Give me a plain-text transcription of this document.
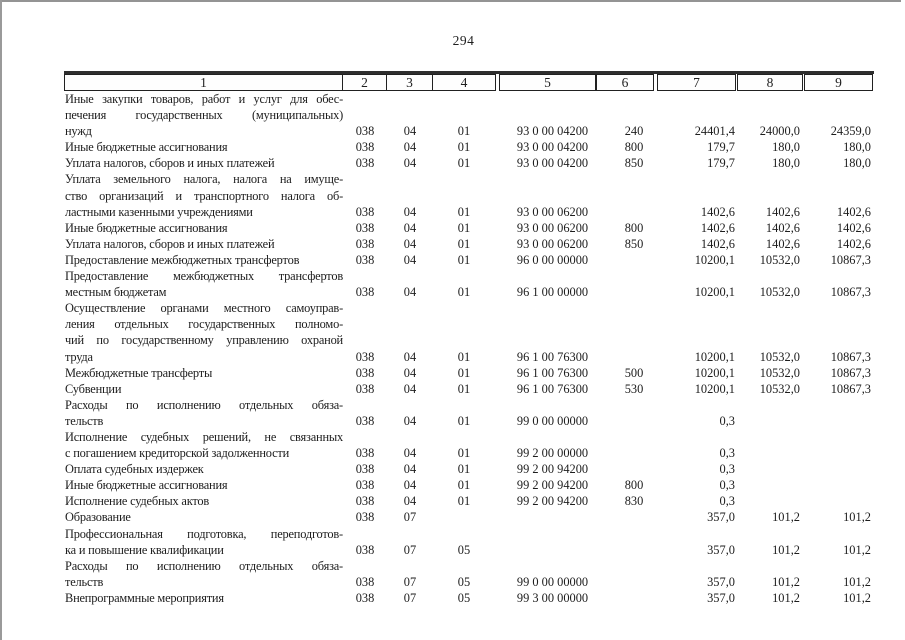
294
1	2	3	4	5	6	7	8	9
Иные закупки товаров, работ и услуг для обес-
печения государственных (муниципальных)
нужд	038	04	01	93 0 00 04200	240	24401,4	24000,0	24359,0

Иные бюджетные ассигнования	038	04	01	93 0 00 04200	800	179,7	180,0	180,0

Уплата налогов, сборов и иных платежей	038	04	01	93 0 00 04200	850	179,7	180,0	180,0

Уплата земельного налога, налога на имуще-
ство организаций и транспортного налога об-
ластными казенными учреждениями	038	04	01	93 0 00 06200		1402,6	1402,6	1402,6

Иные бюджетные ассигнования	038	04	01	93 0 00 06200	800	1402,6	1402,6	1402,6

Уплата налогов, сборов и иных платежей	038	04	01	93 0 00 06200	850	1402,6	1402,6	1402,6

Предоставление межбюджетных трансфертов	038	04	01	96 0 00 00000		10200,1	10532,0	10867,3

Предоставление межбюджетных трансфертов
местным бюджетам	038	04	01	96 1 00 00000		10200,1	10532,0	10867,3

Осуществление органами местного самоуправ-
ления отдельных государственных полномо-
чий по государственному управлению охраной
труда	038	04	01	96 1 00 76300		10200,1	10532,0	10867,3

Межбюджетные трансферты	038	04	01	96 1 00 76300	500	10200,1	10532,0	10867,3

Субвенции	038	04	01	96 1 00 76300	530	10200,1	10532,0	10867,3

Расходы по исполнению отдельных обяза-
тельств	038	04	01	99 0 00 00000		0,3		

Исполнение судебных решений, не связанных
с погашением кредиторской задолженности	038	04	01	99 2 00 00000		0,3		

Оплата судебных издержек	038	04	01	99 2 00 94200		0,3		

Иные бюджетные ассигнования	038	04	01	99 2 00 94200	800	0,3		

Исполнение судебных актов	038	04	01	99 2 00 94200	830	0,3		

Образование	038	07				357,0	101,2	101,2

Профессиональная подготовка, переподготов-
ка и повышение квалификации	038	07	05			357,0	101,2	101,2

Расходы по исполнению отдельных обяза-
тельств	038	07	05	99 0 00 00000		357,0	101,2	101,2

Внепрограммные мероприятия	038	07	05	99 3 00 00000		357,0	101,2	101,2
